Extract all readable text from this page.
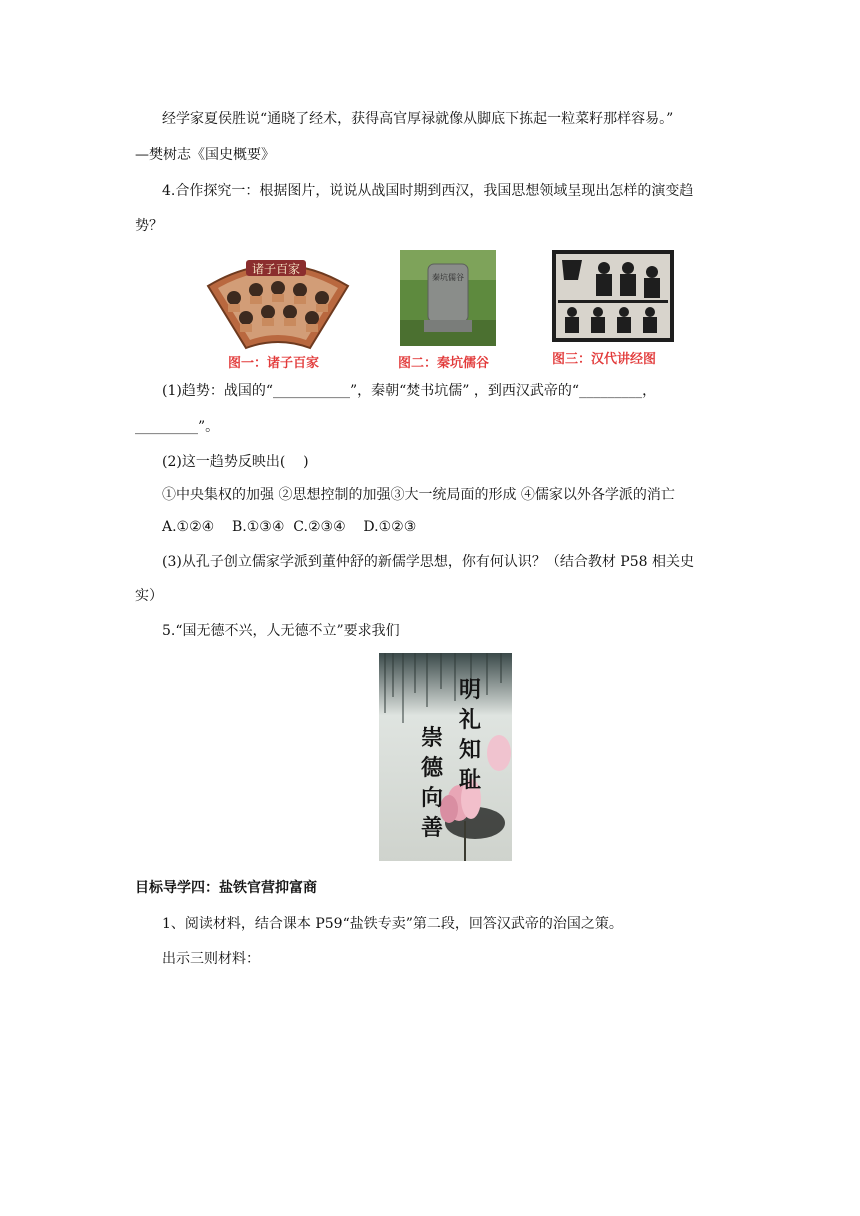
经学家夏侯胜说“通晓了经术，获得高官厚禄就像从脚底下拣起一粒菜籽那样容易。”
—樊树志《国史概要》
4.合作探究一：根据图片，说说从战国时期到西汉，我国思想领域呈现出怎样的演变趋
势？
诸子百家
图一：诸子百家
秦坑儒谷
图二：秦坑儒谷	图三：汉代讲经图
(1)趋势：战国的“___________”，秦朝“焚书坑儒” ，到西汉武帝的“_________，
_________”。
(2)这一趋势反映出(    )
①中央集权的加强 ②思想控制的加强③大一统局面的形成 ④儒家以外各学派的消亡
A.①②④    B.①③④  C.②③④    D.①②③
(3)从孔子创立儒家学派到董仲舒的新儒学思想，你有何认识？（结合教材 P58 相关史
实）
5.“国无德不兴，人无德不立”要求我们
明礼知耻
崇德向善
目标导学四：盐铁官营抑富商
1、阅读材料，结合课本 P59“盐铁专卖”第二段，回答汉武帝的治国之策。
出示三则材料：
